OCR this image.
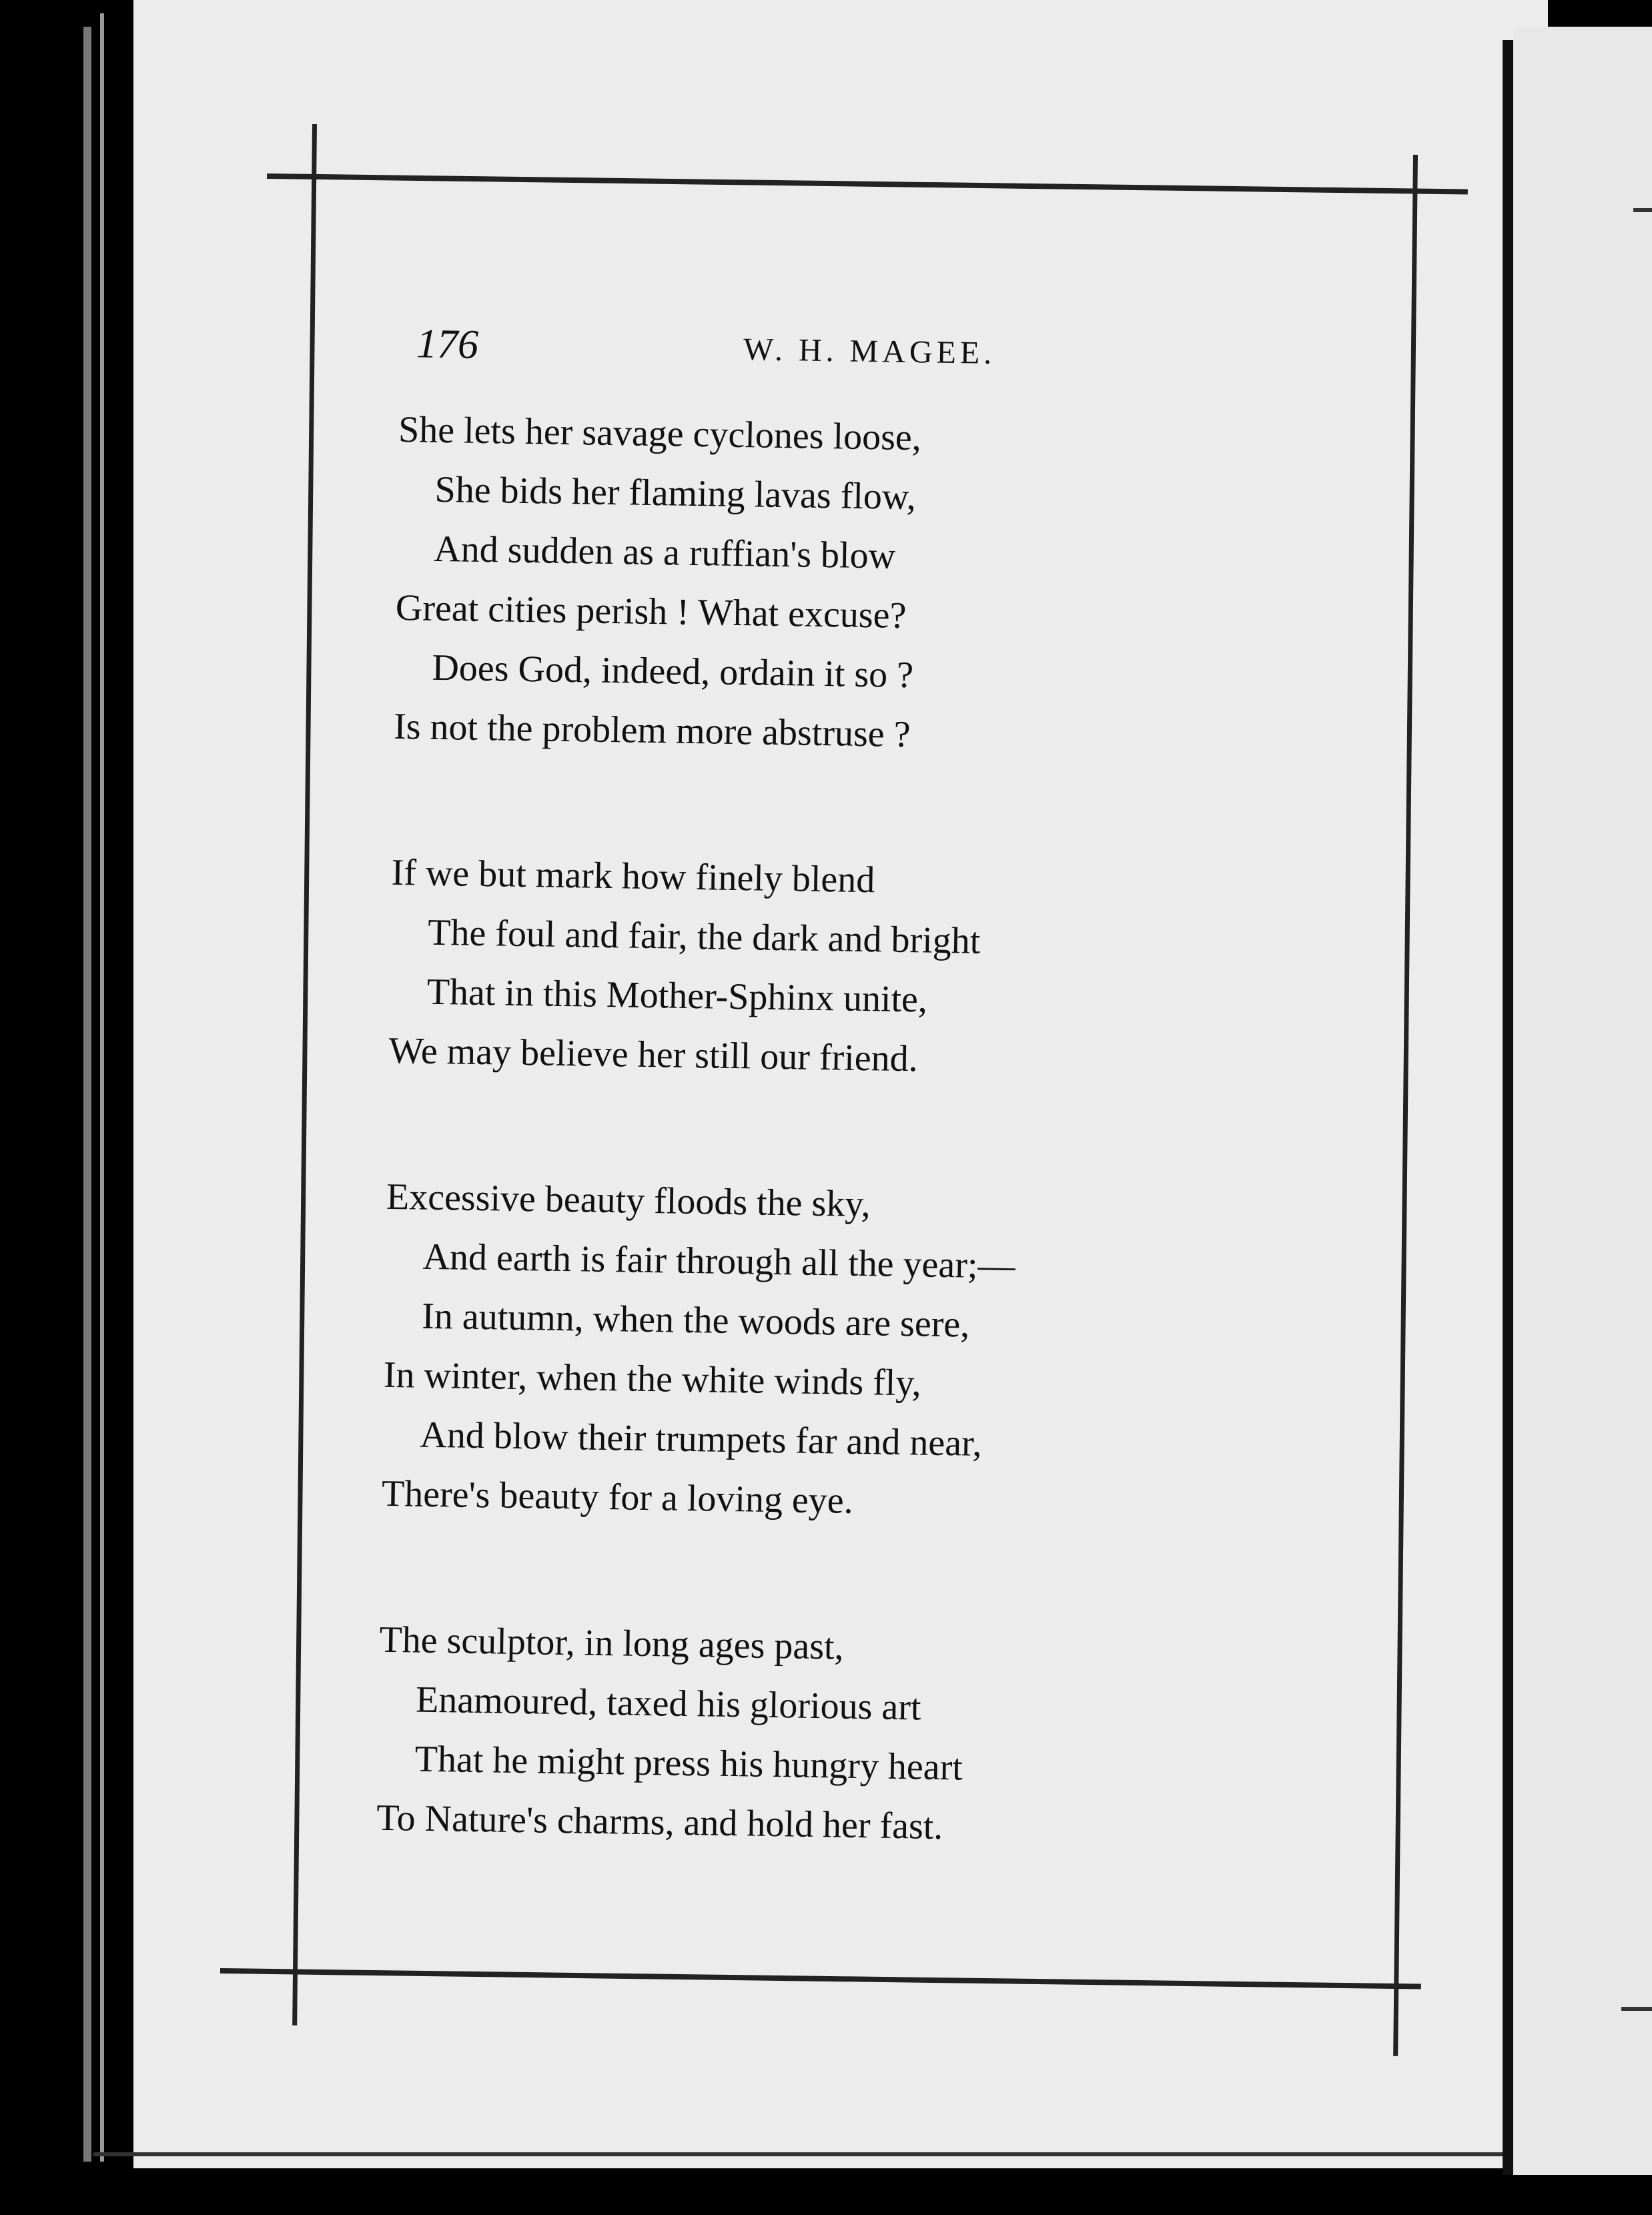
176	W. H. MAGEE.
She lets her savage cyclones loose,
She bids her flaming lavas flow,
And sudden as a ruffian's blow
Great cities perish ! What excuse?
Does God, indeed, ordain it so ?
Is not the problem more abstruse ?
If we but mark how finely blend
The foul and fair, the dark and bright
That in this Mother-Sphinx unite,
We may believe her still our friend.
Excessive beauty floods the sky,
And earth is fair through all the year;—
In autumn, when the woods are sere,
In winter, when the white winds fly,
And blow their trumpets far and near,
There's beauty for a loving eye.
The sculptor, in long ages past,
Enamoured, taxed his glorious art
That he might press his hungry heart
To Nature's charms, and hold her fast.
